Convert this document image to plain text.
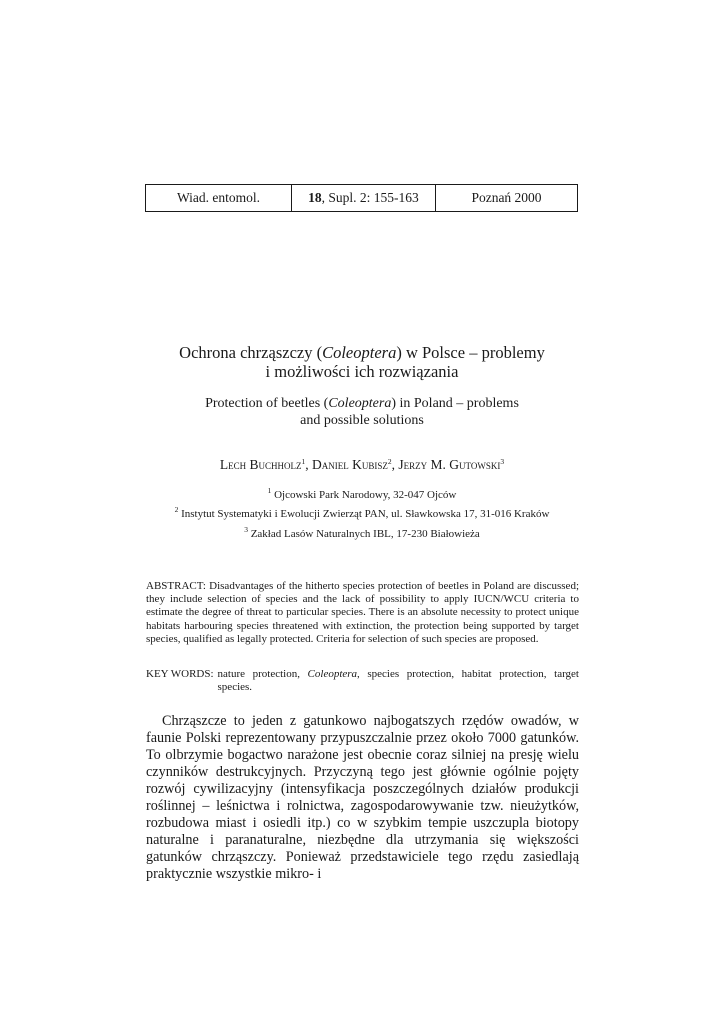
Wiad. entomol.	18 , Supl. 2: 155-163	Poznań 2000
Ochrona chrząszczy (Coleoptera) w Polsce – problemy
i możliwości ich rozwiązania
Protection of beetles (Coleoptera) in Poland – problems
and possible solutions
Lech Buchholz$^1$, Daniel Kubisz$^2$, Jerzy M. Gutowski$^3$
$^1$ Ojcowski Park Narodowy, 32-047 Ojców
$^2$ Instytut Systematyki i Ewolucji Zwierząt PAN, ul. Sławkowska 17, 31-016 Kraków
$^3$ Zakład Lasów Naturalnych IBL, 17-230 Białowieża
ABSTRACT: Disadvantages of the hitherto species protection of beetles in Poland are discussed; they include selection of species and the lack of possibility to apply IUCN/WCU criteria to estimate the degree of threat to particular species. There is an absolute necessity to protect unique habitats harbouring species threatened with extinction, the protection being supported by target species, qualified as legally protected. Criteria for selection of such species are proposed.
KEY WORDS: nature protection, Coleoptera, species protection, habitat protection, target species.
Chrząszcze to jeden z gatunkowo najbogatszych rzędów owadów, w faunie Polski reprezentowany przypuszczalnie przez około 7000 gatunków. To olbrzymie bogactwo narażone jest obecnie coraz silniej na presję wielu czynników destrukcyjnych. Przyczyną tego jest głównie ogólnie pojęty rozwój cywilizacyjny (intensyfikacja poszczególnych działów produkcji roślinnej – leśnictwa i rolnictwa, zagospodarowywanie tzw. nieużytków, rozbudowa miast i osiedli itp.) co w szybkim tempie uszczupla biotopy naturalne i paranaturalne, niezbędne dla utrzymania się większości gatunków chrząszczy. Ponieważ przedstawiciele tego rzędu zasiedlają praktycznie wszystkie mikro- i
